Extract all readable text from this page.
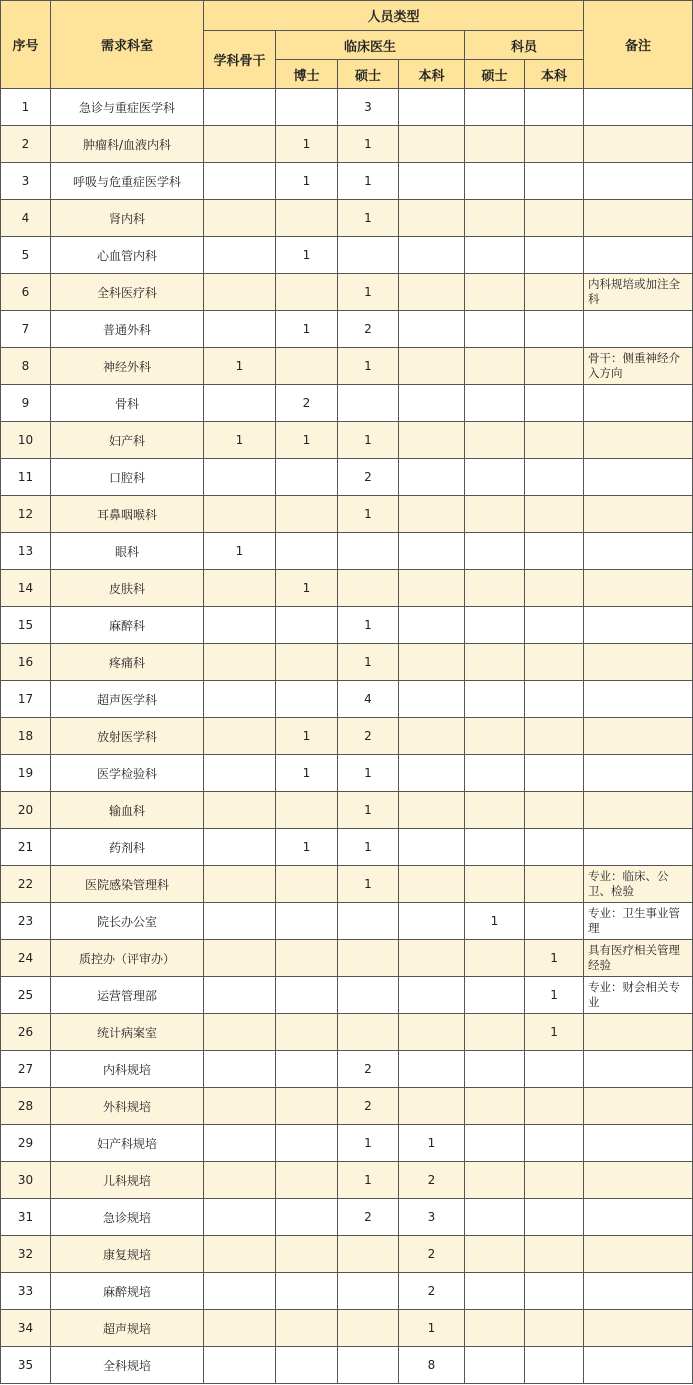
序号	需求科室	人员类型						备注
		学科骨干	临床医生			科员		
			博士	硕士	本科	硕士	本科	
1	急诊与重症医学科			3				
2	肿瘤科/血液内科		1	1				
3	呼吸与危重症医学科		1	1				
4	肾内科			1				
5	心血管内科		1					
6	全科医疗科			1				内科规培或加注全科
7	普通外科		1	2				
8	神经外科	1		1				骨干：侧重神经介入方向
9	骨科		2					
10	妇产科	1	1	1				
11	口腔科			2				
12	耳鼻咽喉科			1				
13	眼科	1						
14	皮肤科		1					
15	麻醉科			1				
16	疼痛科			1				
17	超声医学科			4				
18	放射医学科		1	2				
19	医学检验科		1	1				
20	输血科			1				
21	药剂科		1	1				
22	医院感染管理科			1				专业：临床、公卫、检验
23	院长办公室					1		专业：卫生事业管理
24	质控办（评审办）						1	具有医疗相关管理经验
25	运营管理部						1	专业：财会相关专业
26	统计病案室						1	
27	内科规培			2				
28	外科规培			2				
29	妇产科规培			1	1			
30	儿科规培			1	2			
31	急诊规培			2	3			
32	康复规培				2			
33	麻醉规培				2			
34	超声规培				1			
35	全科规培				8			
